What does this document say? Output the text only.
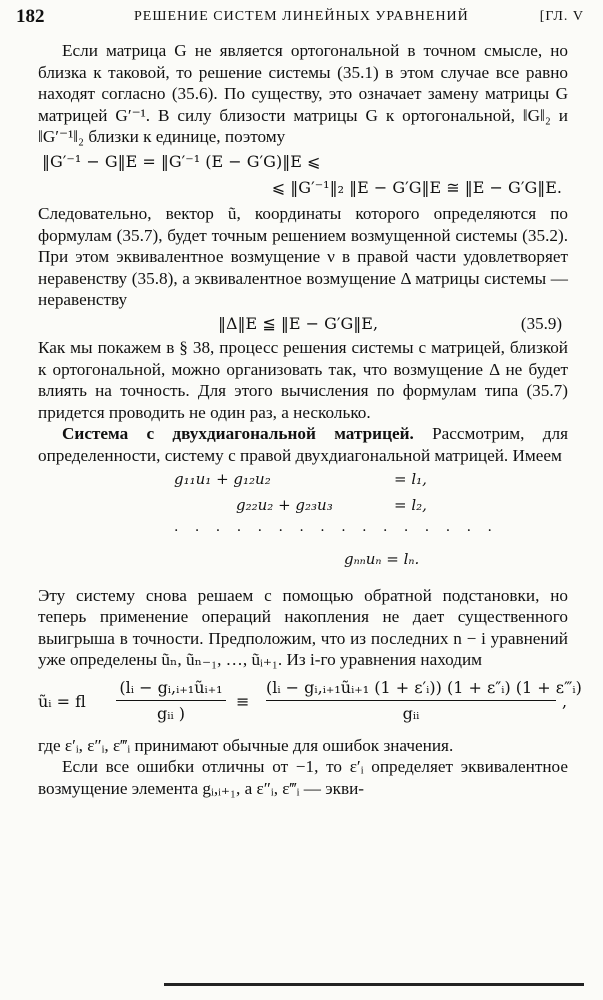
182	РЕШЕНИЕ СИСТЕМ ЛИНЕЙНЫХ УРАВНЕНИЙ	[ГЛ. V

Если матрица G не является ортогональной в точном смысле, но близка к таковой, то решение системы (35.1) в этом случае все равно находят согласно (35.6). По существу, это означает замену матрицы G матрицей G′⁻¹. В силу близости матрицы G к ортогональной, ‖G‖₂ и ‖G′⁻¹‖₂ близки к единице, поэтому

‖G′⁻¹ − G‖E = ‖G′⁻¹ (E − G′G)‖E ⩽
⩽ ‖G′⁻¹‖₂ ‖E − G′G‖E ≅ ‖E − G′G‖E.

Следовательно, вектор ũ, координаты которого определяются по формулам (35.7), будет точным решением возмущенной системы (35.2). При этом эквивалентное возмущение ν в правой части удовлетворяет неравенству (35.8), а эквивалентное возмущение Δ матрицы системы — неравенству

‖Δ‖E ≦ ‖E − G′G‖E,	(35.9)

Как мы покажем в § 38, процесс решения системы с матрицей, близкой к ортогональной, можно организовать так, что возмущение Δ не будет влиять на точность. Для этого вычисления по формулам типа (35.7) придется проводить не один раз, а несколько.

Система с двухдиагональной матрицей. Рассмотрим, для определенности, систему с правой двухдиагональной матрицей. Имеем

g₁₁u₁ + g₁₂u₂	= l₁,
g₂₂u₂ + g₂₃u₃	= l₂,
· · · · · · · · · · · · · · · ·
gₙₙuₙ = lₙ.

Эту систему снова решаем с помощью обратной подстановки, но теперь применение операций накопления не дает существенного выигрыша в точности. Предположим, что из последних n − i уравнений уже определены ũₙ, ũₙ₋₁, …, ũᵢ₊₁. Из i-го уравнения находим

ũᵢ = fl
(lᵢ − gᵢ,ᵢ₊₁ũᵢ₊₁
gᵢᵢ )
≡
(lᵢ − gᵢ,ᵢ₊₁ũᵢ₊₁ (1 + ε′ᵢ)) (1 + ε″ᵢ) (1 + ε‴ᵢ)
gᵢᵢ
,

где ε′ᵢ, ε″ᵢ, ε‴ᵢ принимают обычные для ошибок значения.

Если все ошибки отличны от −1, то ε′ᵢ определяет эквивалентное возмущение элемента gᵢ,ᵢ₊₁, а ε″ᵢ, ε‴ᵢ — экви-
